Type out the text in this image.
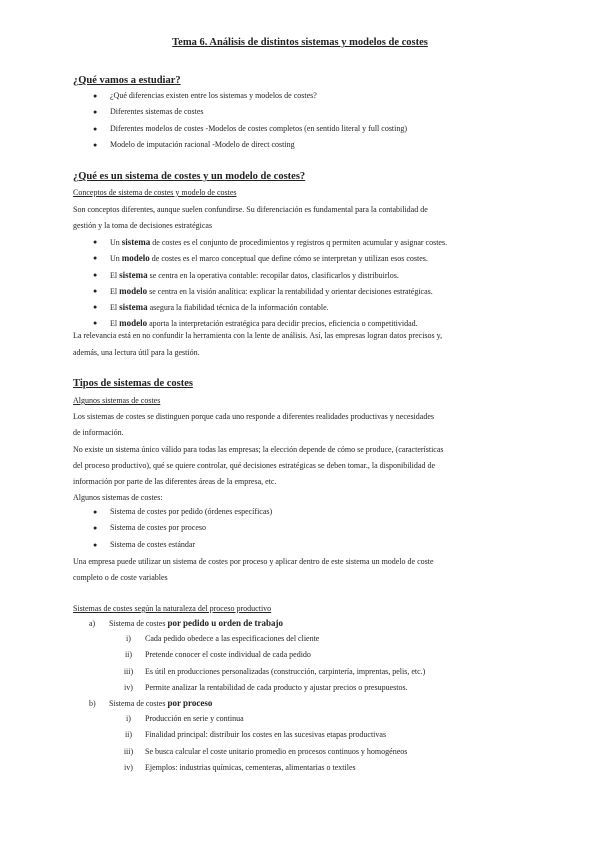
Tema 6. Análisis de distintos sistemas y modelos de costes
¿Qué vamos a estudiar?
● ¿Qué diferencias existen entre los sistemas y modelos de costes?
● Diferentes sistemas de costes
● Diferentes modelos de costes -Modelos de costes completos (en sentido literal y full costing)
● Modelo de imputación racional -Modelo de direct costing
¿Qué es un sistema de costes y un modelo de costes?
Conceptos de sistema de costes y modelo de costes
Son conceptos diferentes, aunque suelen confundirse. Su diferenciación es fundamental para la contabilidad de
gestión y la toma de decisiones estratégicas
● Un sistema de costes es el conjunto de procedimientos y registros q permiten acumular y asignar costes.
● Un modelo de costes es el marco conceptual que define cómo se interpretan y utilizan esos costes.
● El sistema se centra en la operativa contable: recopilar datos, clasificarlos y distribuirlos.
● El modelo se centra en la visión analítica: explicar la rentabilidad y orientar decisiones estratégicas.
● El sistema asegura la fiabilidad técnica de la información contable.
● El modelo aporta la interpretación estratégica para decidir precios, eficiencia o competitividad.
La relevancia está en no confundir la herramienta con la lente de análisis. Así, las empresas logran datos precisos y,
además, una lectura útil para la gestión.
Tipos de sistemas de costes
Algunos sistemas de costes
Los sistemas de costes se distinguen porque cada uno responde a diferentes realidades productivas y necesidades
de información.
No existe un sistema único válido para todas las empresas; la elección depende de cómo se produce, (características
del proceso productivo), qué se quiere controlar, qué decisiones estratégicas se deben tomar., la disponibilidad de
información por parte de las diferentes áreas de la empresa, etc.
Algunos sistemas de costes:
● Sistema de costes por pedido (órdenes específicas)
● Sistema de costes por proceso
● Sistema de costes estándar
Una empresa puede utilizar un sistema de costes por proceso y aplicar dentro de este sistema un modelo de coste
completo o de coste variables
Sistemas de costes según la naturaleza del proceso productivo
a) Sistema de costes por pedido u orden de trabajo
i) Cada pedido obedece a las especificaciones del cliente
ii) Pretende conocer el coste individual de cada pedido
iii) Es útil en producciones personalizadas (construcción, carpintería, imprentas, pelis, etc.)
iv) Permite analizar la rentabilidad de cada producto y ajustar precios o presupuestos.
b) Sistema de costes por proceso
i) Producción en serie y continua
ii) Finalidad principal: distribuir los costes en las sucesivas etapas productivas
iii) Se busca calcular el coste unitario promedio en procesos continuos y homogéneos
iv) Ejemplos: industrias químicas, cementeras, alimentarias o textiles
